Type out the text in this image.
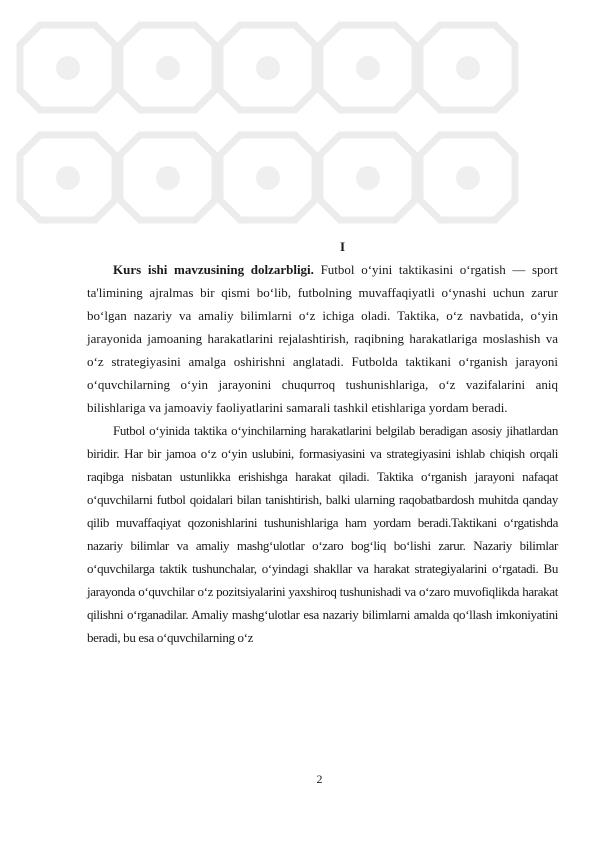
I

Kurs ishi mavzusining dolzarbligi. Futbol o‘yini taktikasini o‘rgatish — sport ta'limining ajralmas bir qismi bo‘lib, futbolning muvaffaqiyatli o‘ynashi uchun zarur bo‘lgan nazariy va amaliy bilimlarni o‘z ichiga oladi. Taktika, o‘z navbatida, o‘yin jarayonida jamoaning harakatlarini rejalashtirish, raqibning harakatlariga moslashish va o‘z strategiyasini amalga oshirishni anglatadi. Futbolda taktikani o‘rganish jarayoni o‘quvchilarning o‘yin jarayonini chuqurroq tushunishlariga, o‘z vazifalarini aniq bilishlariga va jamoaviy faoliyatlarini samarali tashkil etishlariga yordam beradi.

Futbol o‘yinida taktika o‘yinchilarning harakatlarini belgilab beradigan asosiy jihatlardan biridir. Har bir jamoa o‘z o‘yin uslubini, formasiyasini va strategiyasini ishlab chiqish orqali raqibga nisbatan ustunlikka erishishga harakat qiladi. Taktika o‘rganish jarayoni nafaqat o‘quvchilarni futbol qoidalari bilan tanishtirish, balki ularning raqobatbardosh muhitda qanday qilib muvaffaqiyat qozonishlarini tushunishlariga ham yordam beradi.Taktikani o‘rgatishda nazariy bilimlar va amaliy mashg‘ulotlar o‘zaro bog‘liq bo‘lishi zarur. Nazariy bilimlar o‘quvchilarga taktik tushunchalar, o‘yindagi shakllar va harakat strategiyalarini o‘rgatadi. Bu jarayonda o‘quvchilar o‘z pozitsiyalarini yaxshiroq tushunishadi va o‘zaro muvofiqlikda harakat qilishni o‘rganadilar. Amaliy mashg‘ulotlar esa nazariy bilimlarni amalda qo‘llash imkoniyatini beradi, bu esa o‘quvchilarning o‘z

2
